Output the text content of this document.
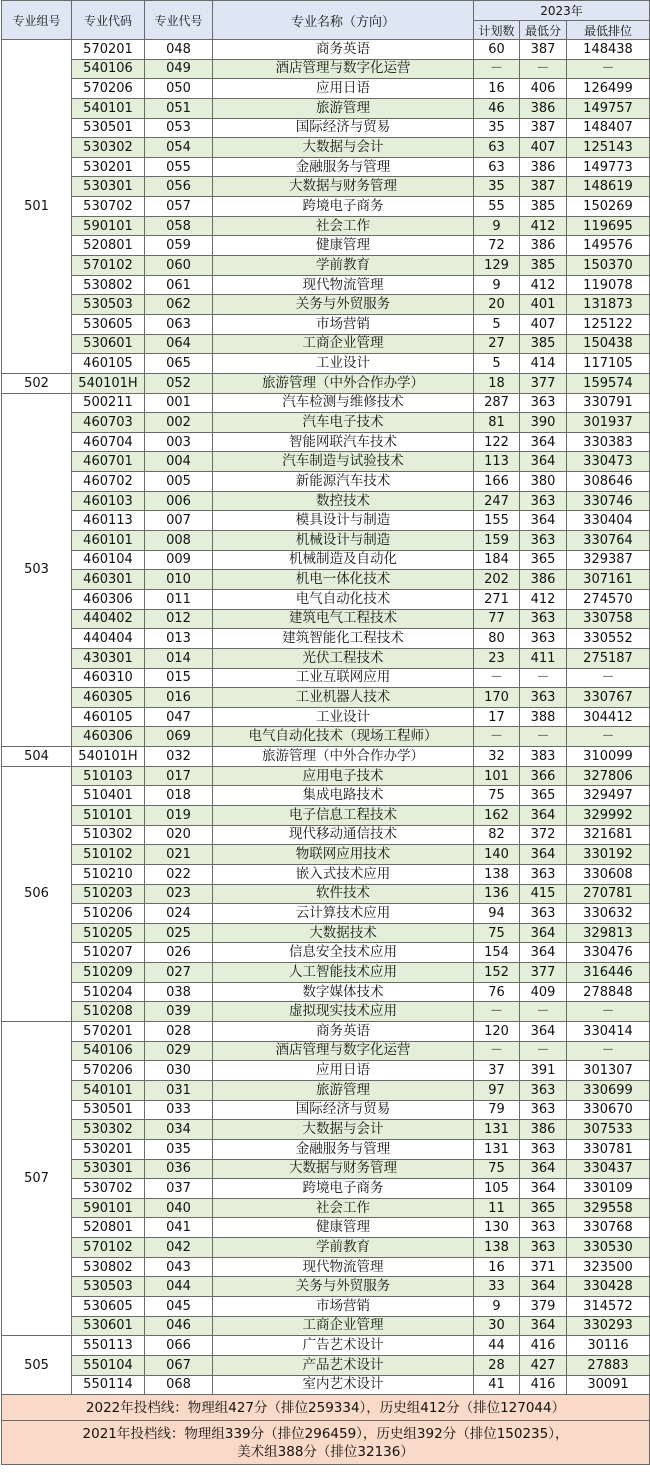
专业组号	专业代码	专业代号	专业名称（方向）	2023年		
				计划数	最低分	最低排位
501	570201	048	商务英语	60	387	148438
	540106	049	酒店管理与数字化运营	－	－	－
	570206	050	应用日语	16	406	126499
	540101	051	旅游管理	46	386	149757
	530501	053	国际经济与贸易	35	387	148407
	530302	054	大数据与会计	63	407	125143
	530201	055	金融服务与管理	63	386	149773
	530301	056	大数据与财务管理	35	387	148619
	530702	057	跨境电子商务	55	385	150269
	590101	058	社会工作	9	412	119695
	520801	059	健康管理	72	386	149576
	570102	060	学前教育	129	385	150370
	530802	061	现代物流管理	9	412	119078
	530503	062	关务与外贸服务	20	401	131873
	530605	063	市场营销	5	407	125122
	530601	064	工商企业管理	27	385	150438
	460105	065	工业设计	5	414	117105
502	540101H	052	旅游管理（中外合作办学）	18	377	159574
503	500211	001	汽车检测与维修技术	287	363	330791
	460703	002	汽车电子技术	81	390	301937
	460704	003	智能网联汽车技术	122	364	330383
	460701	004	汽车制造与试验技术	113	364	330473
	460702	005	新能源汽车技术	166	380	308646
	460103	006	数控技术	247	363	330746
	460113	007	模具设计与制造	155	364	330404
	460101	008	机械设计与制造	159	363	330764
	460104	009	机械制造及自动化	184	365	329387
	460301	010	机电一体化技术	202	386	307161
	460306	011	电气自动化技术	271	412	274570
	440402	012	建筑电气工程技术	77	363	330758
	440404	013	建筑智能化工程技术	80	363	330552
	430301	014	光伏工程技术	23	411	275187
	460310	015	工业互联网应用	－	－	－
	460305	016	工业机器人技术	170	363	330767
	460105	047	工业设计	17	388	304412
	460306	069	电气自动化技术（现场工程师）	－	－	－
504	540101H	032	旅游管理（中外合作办学）	32	383	310099
506	510103	017	应用电子技术	101	366	327806
	510401	018	集成电路技术	75	365	329497
	510101	019	电子信息工程技术	162	364	329992
	510302	020	现代移动通信技术	82	372	321681
	510102	021	物联网应用技术	140	364	330192
	510210	022	嵌入式技术应用	138	363	330608
	510203	023	软件技术	136	415	270781
	510206	024	云计算技术应用	94	363	330632
	510205	025	大数据技术	75	364	329813
	510207	026	信息安全技术应用	154	364	330476
	510209	027	人工智能技术应用	152	377	316446
	510204	038	数字媒体技术	76	409	278848
	510208	039	虚拟现实技术应用	－	－	－
507	570201	028	商务英语	120	364	330414
	540106	029	酒店管理与数字化运营	－	－	－
	570206	030	应用日语	37	391	301307
	540101	031	旅游管理	97	363	330699
	530501	033	国际经济与贸易	79	363	330670
	530302	034	大数据与会计	131	386	307533
	530201	035	金融服务与管理	131	363	330781
	530301	036	大数据与财务管理	75	364	330437
	530702	037	跨境电子商务	105	364	330109
	590101	040	社会工作	11	365	329558
	520801	041	健康管理	130	363	330768
	570102	042	学前教育	138	363	330530
	530802	043	现代物流管理	16	371	323500
	530503	044	关务与外贸服务	33	364	330428
	530605	045	市场营销	9	379	314572
	530601	046	工商企业管理	30	364	330293
505	550113	066	广告艺术设计	44	416	30116
	550104	067	产品艺术设计	28	427	27883
	550114	068	室内艺术设计	41	416	30091
2022年投档线：物理组427分（排位259334），历史组412分（排位127044）						
2021年投档线：物理组339分（排位296459），历史组392分（排位150235），
美术组388分（排位32136）						
